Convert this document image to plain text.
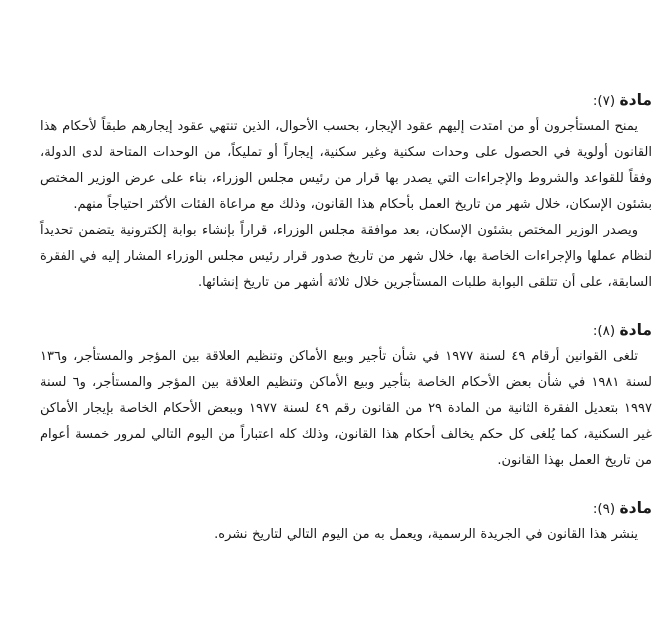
مادة (٧):

يمنح المستأجرون أو من امتدت إليهم عقود الإيجار، بحسب الأحوال، الذين تنتهي عقود إيجارهم طبقاً لأحكام هذا القانون أولوية في الحصول على وحدات سكنية وغير سكنية، إيجاراً أو تمليكاً، من الوحدات المتاحة لدى الدولة، وفقاً للقواعد والشروط والإجراءات التي يصدر بها قرار من رئيس مجلس الوزراء، بناء على عرض الوزير المختص بشئون الإسكان، خلال شهر من تاريخ العمل بأحكام هذا القانون، وذلك مع مراعاة الفئات الأكثر احتياجاً منهم.

ويصدر الوزير المختص بشئون الإسكان، بعد موافقة مجلس الوزراء، قراراً بإنشاء بوابة إلكترونية يتضمن تحديداً لنظام عملها والإجراءات الخاصة بها، خلال شهر من تاريخ صدور قرار رئيس مجلس الوزراء المشار إليه في الفقرة السابقة، على أن تتلقى البوابة طلبات المستأجرين خلال ثلاثة أشهر من تاريخ إنشائها.

مادة (٨):

تلغى القوانين أرقام ٤٩ لسنة ١٩٧٧ في شأن تأجير وبيع الأماكن وتنظيم العلاقة بين المؤجر والمستأجر، و١٣٦ لسنة ١٩٨١ في شأن بعض الأحكام الخاصة بتأجير وبيع الأماكن وتنظيم العلاقة بين المؤجر والمستأجر، و٦ لسنة ١٩٩٧ بتعديل الفقرة الثانية من المادة ٢٩ من القانون رقم ٤٩ لسنة ١٩٧٧ وببعض الأحكام الخاصة بإيجار الأماكن غير السكنية، كما يُلغى كل حكم يخالف أحكام هذا القانون، وذلك كله اعتباراً من اليوم التالي لمرور خمسة أعوام من تاريخ العمل بهذا القانون.

مادة (٩):

ينشر هذا القانون في الجريدة الرسمية، ويعمل به من اليوم التالي لتاريخ نشره.
